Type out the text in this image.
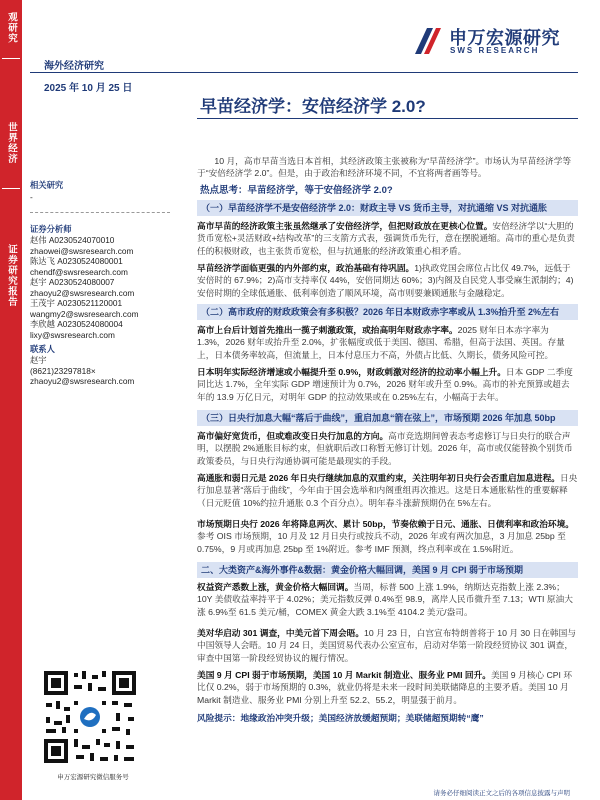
观研究
世界经济
证券研究报告
海外经济研究
2025 年 10 月 25 日
申万宏源研究
SWS RESEARCH
早苗经济学：安倍经济学 2.0?
相关研究
-
证券分析师
赵伟 A0230524070010
zhaowei@swsresearch.com
陈达飞 A0230524080001
chendf@swsresearch.com
赵宇 A0230524080007
zhaoyu2@swsresearch.com
王茂宇 A0230521120001
wangmy2@swsresearch.com
李欣越 A0230524080004
lixy@swsresearch.com
联系人
赵宇
(8621)23297818×
zhaoyu2@swsresearch.com
申万宏源研究微信服务号
10 月，高市早苗当选日本首相，其经济政策主张被称为“早苗经济学”。市场认为早苗经济学等于“安倍经济学 2.0”。但是，由于政治和经济环境不同，不宜将两者画等号。
热点思考：早苗经济学，等于安倍经济学 2.0?
（一）早苗经济学不是安倍经济学 2.0：财政主导 VS 货币主导，对抗通缩 VS 对抗通胀
高市早苗的经济政策主张虽然继承了安倍经济学，但把财政放在更核心位置。安倍经济学以“大胆的货币宽松+灵活财政+结构改革”的三支箭方式表，强调货币先行，意在摆脱通缩。高市的重心是负责任的积极财政，也主张货币宽松，但与抗通胀的经济政策重心相矛盾。
早苗经济学面临更强的内外部约束，政治基础有待巩固。1)执政党国会席位占比仅 49.7%，远低于安倍时的 67.9%；2)高市支持率仅 44%，安倍同期达 60%；3)内阁及自民党人事受麻生派制约；4)安倍时期的全球低通胀、低利率创造了顺风环境，高市则要兼顾通胀与金融稳定。
（二）高市政府的财政政策会有多积极？2026 年日本财政赤字率或从 1.3%抬升至 2%左右
高市上台后计划首先推出一揽子刺激政策，或抬高明年财政赤字率。2025 财年日本赤字率为 1.3%，2026 财年或抬升至 2.0%，扩张幅度或低于美国、德国、希腊，但高于法国、英国。存量上，日本债务率较高，但流量上，日本付息压力不高，外债占比低、久期长，债务风险可控。
日本明年实际经济增速或小幅提升至 0.9%，财政刺激对经济的拉动率小幅上升。日本 GDP 二季度同比达 1.7%，全年实际 GDP 增速预计为 0.7%，2026 财年或升至 0.9%。高市的补充预算或超去年的 13.9 万亿日元，对明年 GDP 的拉动效果或在 0.25%左右，小幅高于去年。
（三）日央行加息大幅“落后于曲线”，重启加息“箭在弦上”，市场预期 2026 年加息 50bp
高市偏好宽货币，但或难改变日央行加息的方向。高市竞选期间曾表态考虑修订与日央行的联合声明，以摆脱 2%通胀目标约束，但就职后改口称暂无修订计划。2026 年，高市或仅能替换个别货币政策委员，与日央行沟通协调可能是最现实的手段。
高通胀和弱日元是 2026 年日央行继续加息的双重约束，关注明年初日央行会否重启加息进程。日央行加息显著“落后于曲线”，今年由于国会选举和内阁重组再次推迟。这是日本通胀粘性的重要解释（日元贬值 10%约拉升通胀 0.3 个百分点）。明年春斗涨薪预期仍在 5%左右。
市场预期日央行 2026 年将降息两次、累计 50bp，节奏依赖于日元、通胀、日债利率和政治环境。参考 OIS 市场预期，10 月及 12 月日央行或按兵不动，2026 年或有两次加息，3 月加息 25bp 至 0.75%，9 月或再加息 25bp 至 1%附近。参考 IMF 预测，终点利率或在 1.5%附近。
二、大类资产&海外事件&数据：黄金价格大幅回调，美国 9 月 CPI 弱于市场预期
权益资产悉数上涨，黄金价格大幅回调。当周，标普 500 上涨 1.9%，纳斯达克指数上涨 2.3%；10Y 美债收益率持平于 4.02%；美元指数反弹 0.4%至 98.9，离岸人民币微升至 7.13；WTI 原油大涨 6.9%至 61.5 美元/桶，COMEX 黄金大跌 3.1%至 4104.2 美元/盎司。
美对华启动 301 调查，中美元首下周会晤。10 月 23 日，白宫宣布特朗普将于 10 月 30 日在韩国与中国领导人会晤。10 月 24 日，美国贸易代表办公室宣布，启动对华第一阶段经贸协议 301 调查，审查中国第一阶段经贸协议的履行情况。
美国 9 月 CPI 弱于市场预期，美国 10 月 Markit 制造业、服务业 PMI 回升。美国 9 月核心 CPI 环比仅 0.2%，弱于市场预期的 0.3%，就业仍将是未来一段时间美联储降息的主要矛盾。美国 10 月 Markit 制造业、服务业 PMI 分别上升至 52.2、55.2，明显强于前月。
风险提示：地缘政治冲突升级；美国经济放缓超预期；美联储超预期转“鹰”
请务必仔细阅读正文之后的各项信息披露与声明
